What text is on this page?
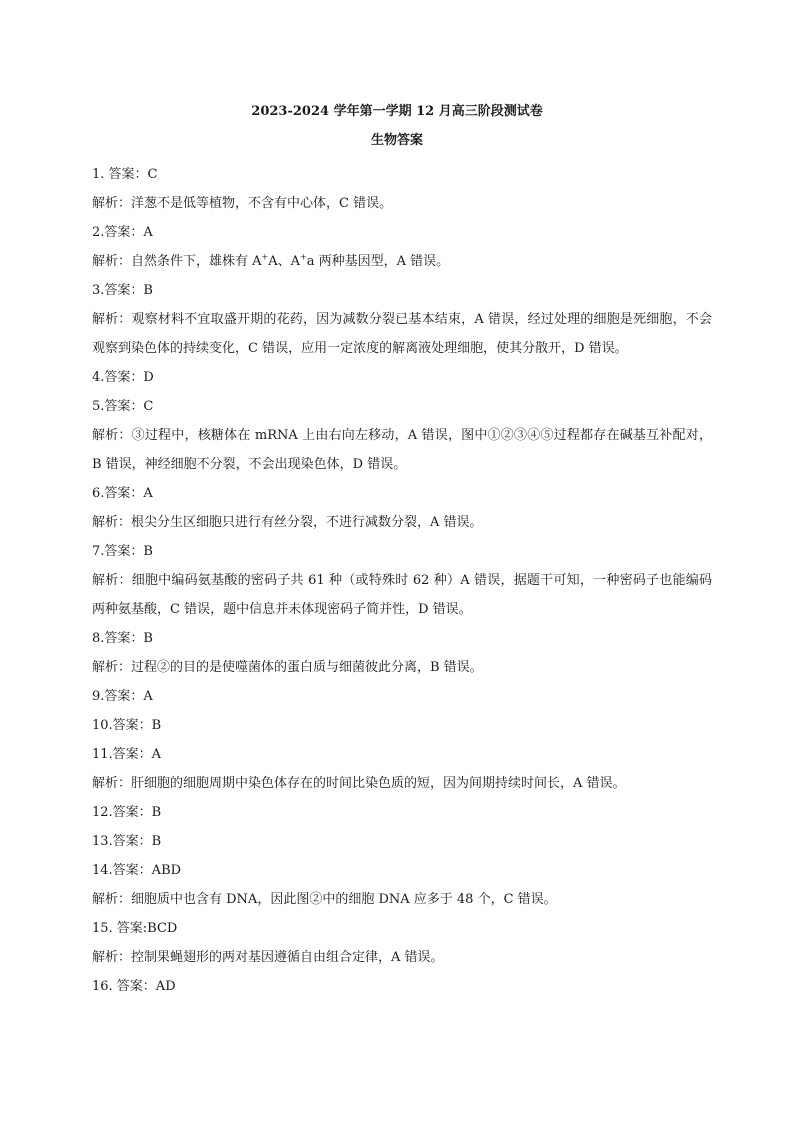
2023-2024 学年第一学期 12 月高三阶段测试卷
生物答案

1. 答案：C

解析：洋葱不是低等植物，不含有中心体，C 错误。

2.答案：A

解析：自然条件下，雄株有 A+A、A+a 两种基因型，A 错误。

3.答案：B

解析：观察材料不宜取盛开期的花药，因为减数分裂已基本结束，A 错误，经过处理的细胞是死细胞，不会观察到染色体的持续变化，C 错误，应用一定浓度的解离液处理细胞，使其分散开，D 错误。

4.答案：D

5.答案：C

解析：③过程中，核糖体在 mRNA 上由右向左移动，A 错误，图中①②③④⑤过程都存在碱基互补配对，B 错误，神经细胞不分裂，不会出现染色体，D 错误。

6.答案：A

解析：根尖分生区细胞只进行有丝分裂，不进行减数分裂，A 错误。

7.答案：B

解析：细胞中编码氨基酸的密码子共 61 种（或特殊时 62 种）A 错误，据题干可知，一种密码子也能编码两种氨基酸，C 错误，题中信息并未体现密码子简并性，D 错误。

8.答案：B

解析：过程②的目的是使噬菌体的蛋白质与细菌彼此分离，B 错误。

9.答案：A

10.答案：B

11.答案：A

解析：肝细胞的细胞周期中染色体存在的时间比染色质的短，因为间期持续时间长，A 错误。

12.答案：B

13.答案：B

14.答案：ABD

解析：细胞质中也含有 DNA，因此图②中的细胞 DNA 应多于 48 个，C 错误。

15. 答案:BCD

解析：控制果蝇翅形的两对基因遵循自由组合定律，A 错误。

16. 答案：AD
